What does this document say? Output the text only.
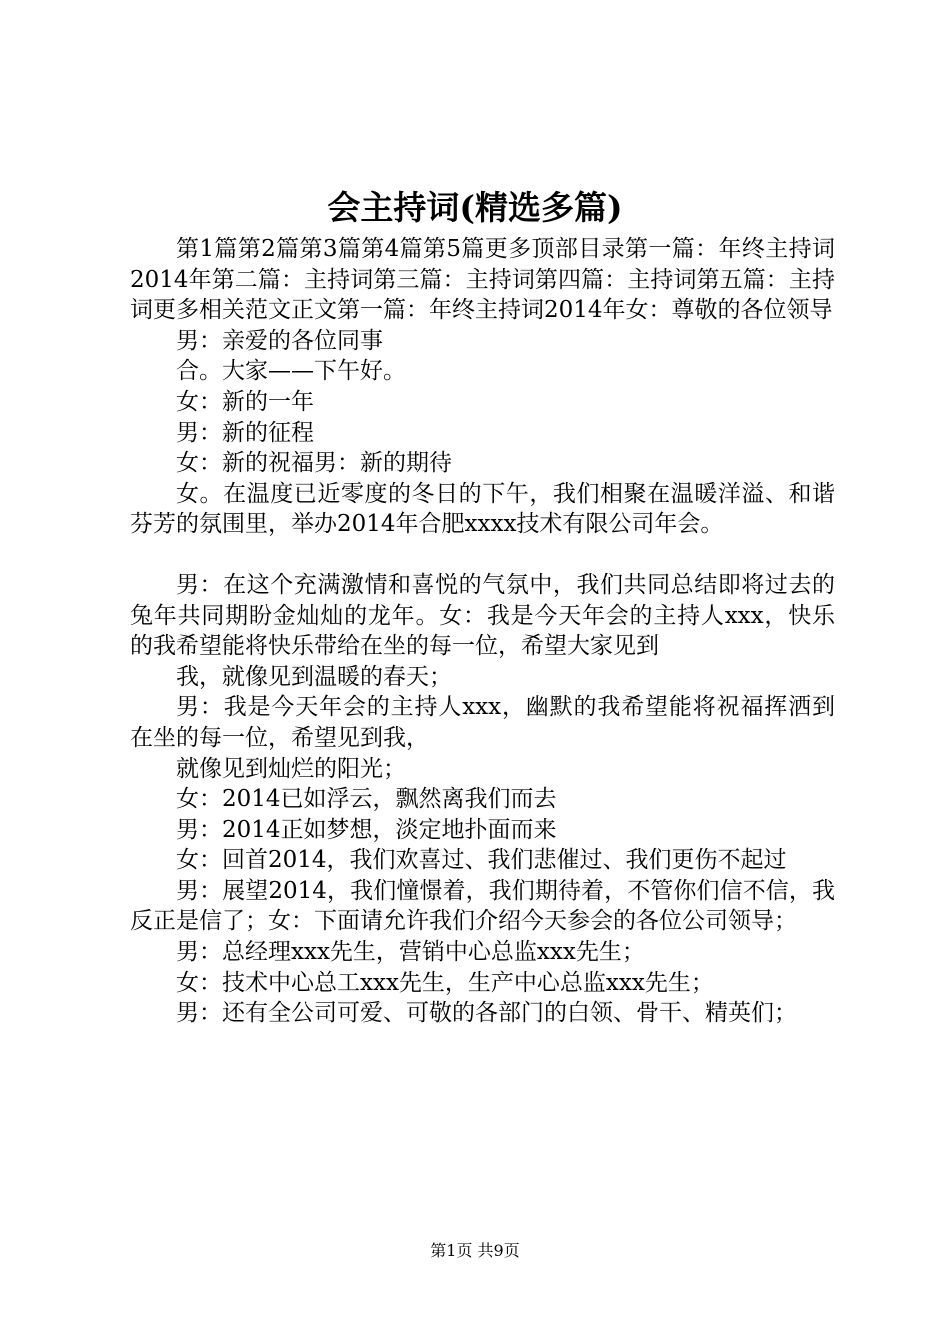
会主持词(精选多篇)

第1篇第2篇第3篇第4篇第5篇更多顶部目录第一篇：年终主持词2014年第二篇：主持词第三篇：主持词第四篇：主持词第五篇：主持词更多相关范文正文第一篇：年终主持词2014年女：尊敬的各位领导

男：亲爱的各位同事

合。大家——下午好。

女：新的一年

男：新的征程

女：新的祝福男：新的期待

女。在温度已近零度的冬日的下午，我们相聚在温暖洋溢、和谐芬芳的氛围里，举办2014年合肥xxxx技术有限公司年会。

男：在这个充满激情和喜悦的气氛中，我们共同总结即将过去的兔年共同期盼金灿灿的龙年。女：我是今天年会的主持人xxx，快乐的我希望能将快乐带给在坐的每一位，希望大家见到

我，就像见到温暖的春天；

男：我是今天年会的主持人xxx，幽默的我希望能将祝福挥洒到在坐的每一位，希望见到我，

就像见到灿烂的阳光；

女：2014已如浮云，飘然离我们而去

男：2014正如梦想，淡定地扑面而来

女：回首2014，我们欢喜过、我们悲催过、我们更伤不起过

男：展望2014，我们憧憬着，我们期待着，不管你们信不信，我反正是信了；女：下面请允许我们介绍今天参会的各位公司领导；

男：总经理xxx先生，营销中心总监xxx先生；

女：技术中心总工xxx先生，生产中心总监xxx先生；

男：还有全公司可爱、可敬的各部门的白领、骨干、精英们；

第1页 共9页
